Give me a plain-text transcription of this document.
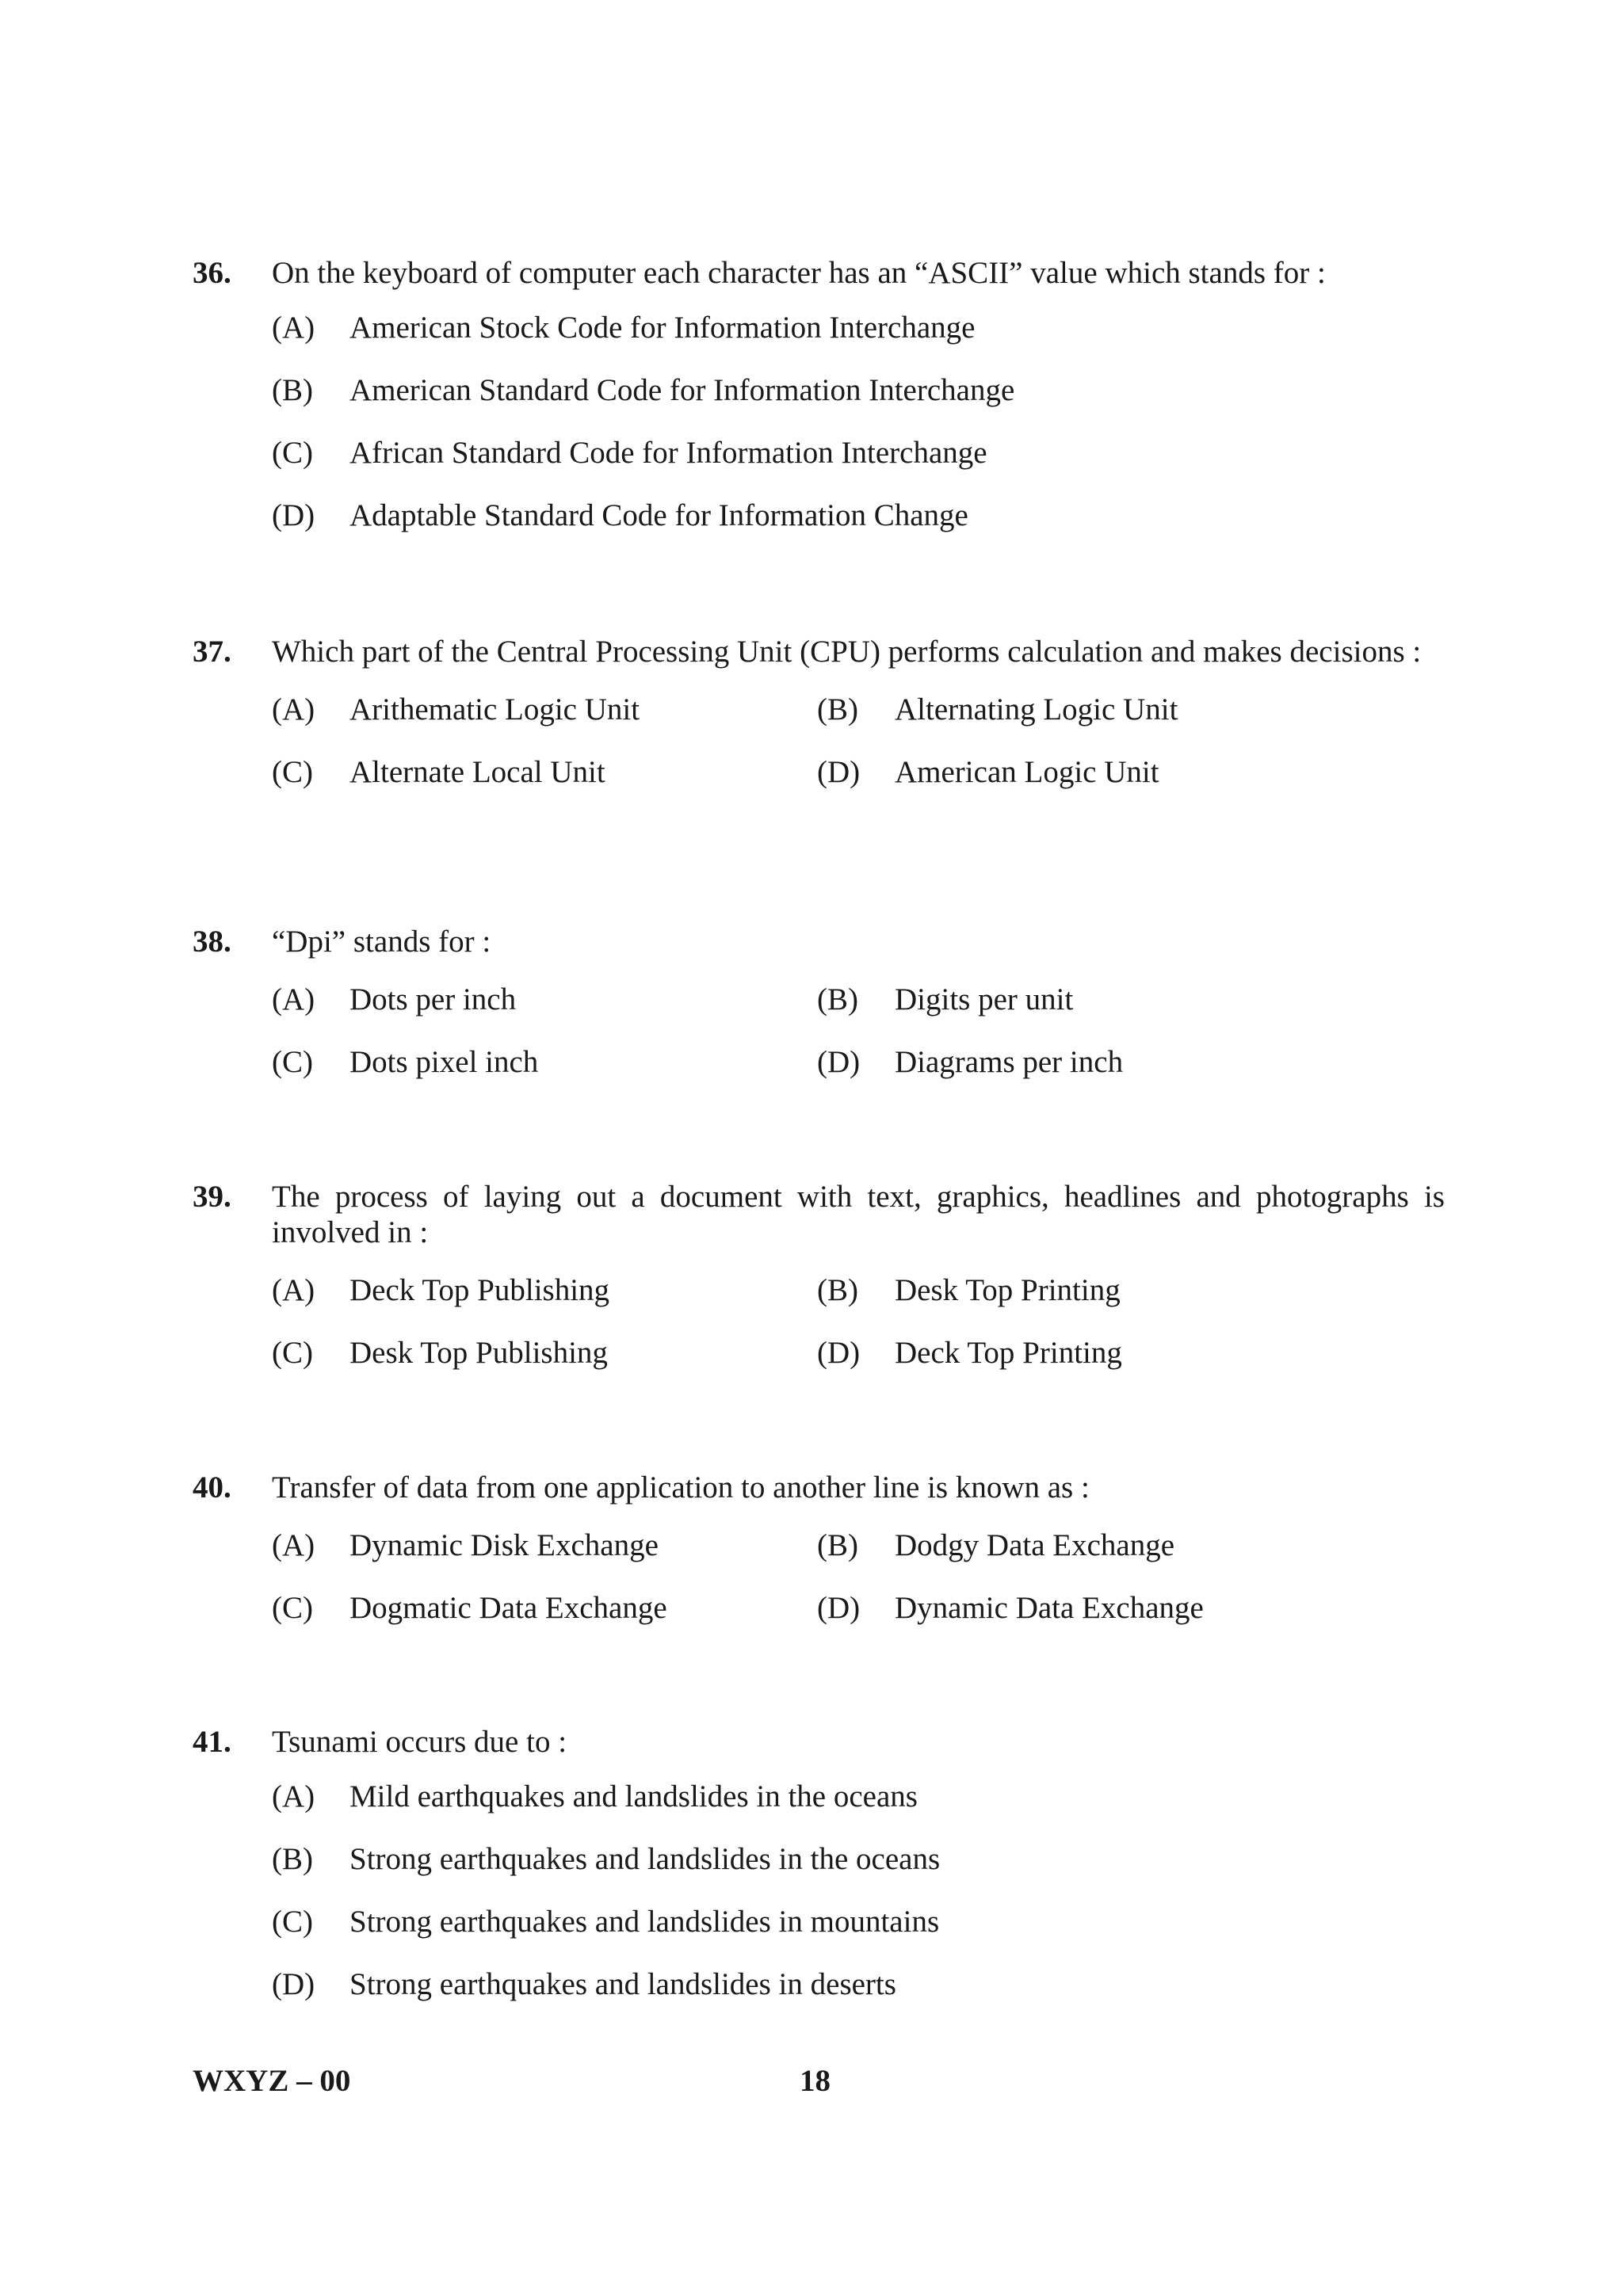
36.	On the keyboard of computer each character has an “ASCII” value which stands for :
(A)	American Stock Code for Information Interchange
(B)	American Standard Code for Information Interchange
(C)	African Standard Code for Information Interchange
(D)	Adaptable Standard Code for Information Change
37.	Which part of the Central Processing Unit (CPU) performs calculation and makes decisions :
(A)	Arithematic Logic Unit	(B)	Alternating Logic Unit
(C)	Alternate Local Unit	(D)	American Logic Unit
38.	“Dpi” stands for :
(A)	Dots per inch	(B)	Digits per unit
(C)	Dots pixel inch	(D)	Diagrams per inch
39.	The process of laying out a document with text, graphics, headlines and photographs is involved in :
(A)	Deck Top Publishing	(B)	Desk Top Printing
(C)	Desk Top Publishing	(D)	Deck Top Printing
40.	Transfer of data from one application to another line is known as :
(A)	Dynamic Disk Exchange	(B)	Dodgy Data Exchange
(C)	Dogmatic Data Exchange	(D)	Dynamic Data Exchange
41.	Tsunami occurs due to :
(A)	Mild earthquakes and landslides in the oceans
(B)	Strong earthquakes and landslides in the oceans
(C)	Strong earthquakes and landslides in mountains
(D)	Strong earthquakes and landslides in deserts
WXYZ – 00	18
